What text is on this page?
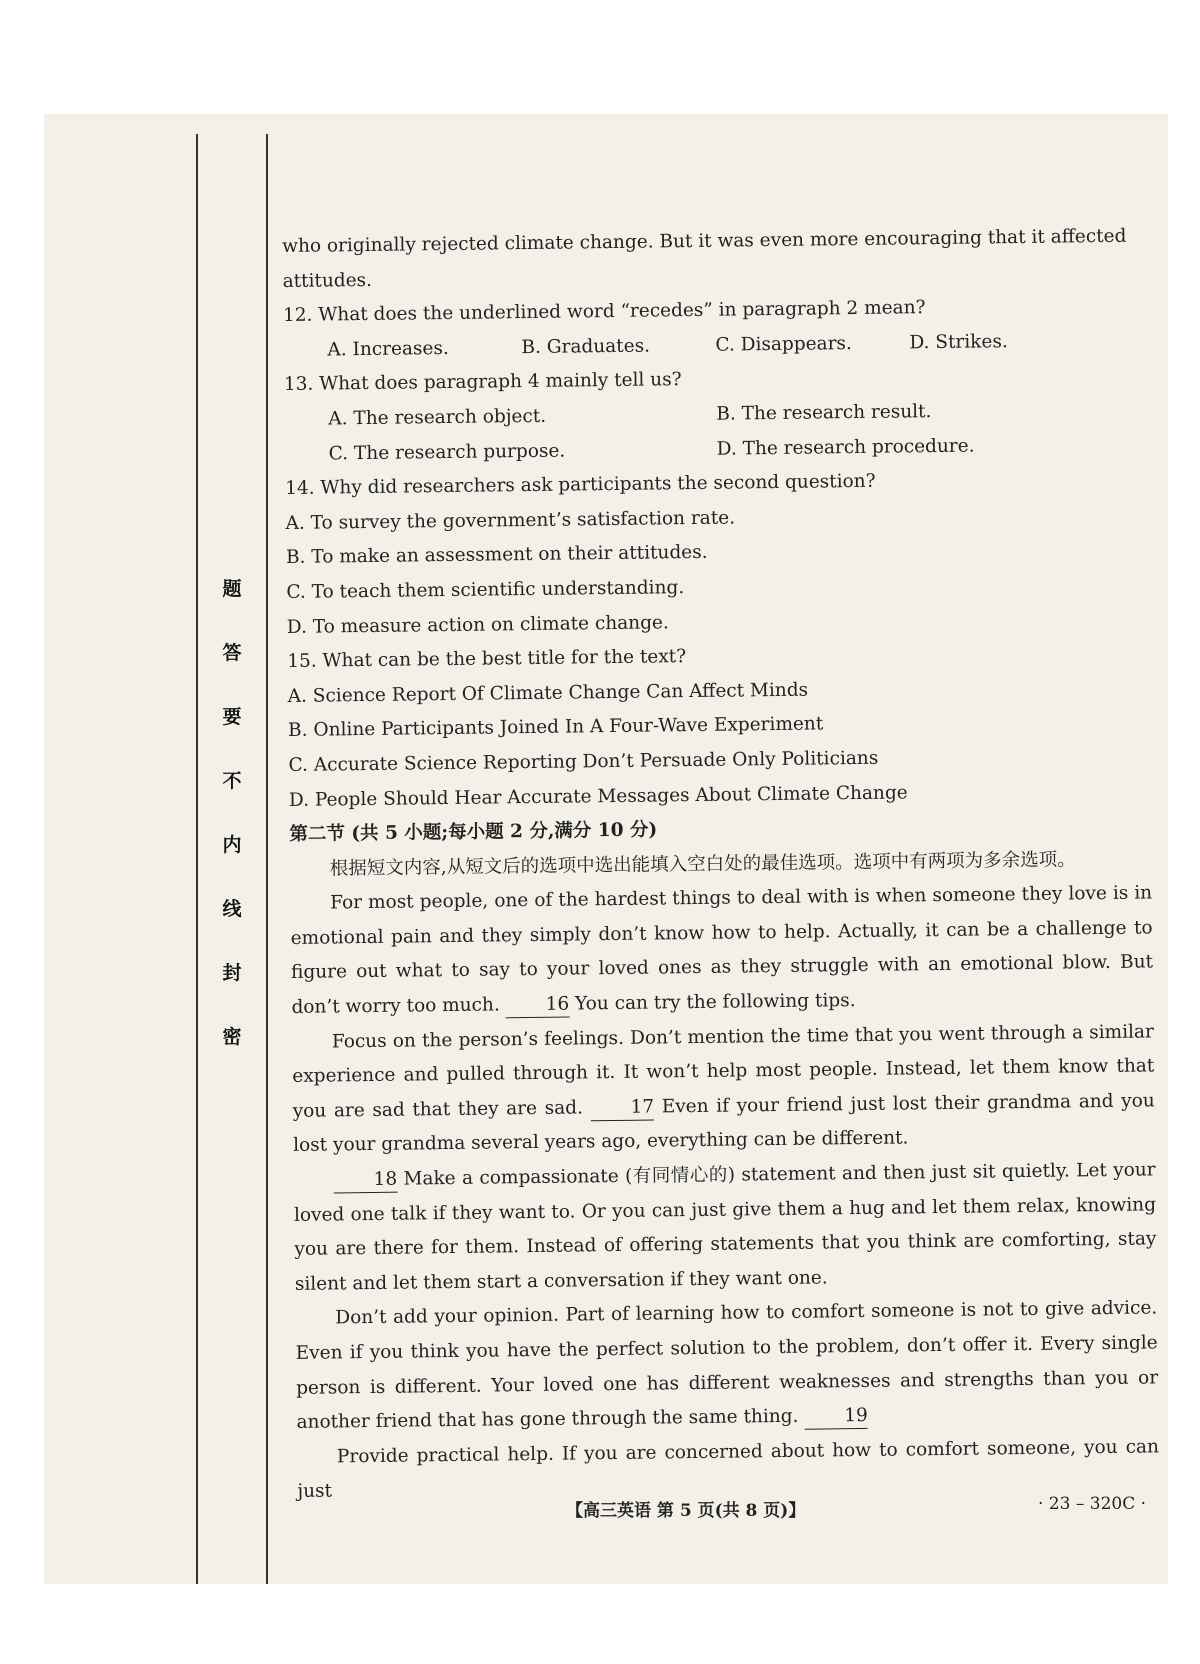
密
封
线
内
不
要
答
题

who originally rejected climate change. But it was even more encouraging that it affected attitudes.

12. What does the underlined word “recedes” in paragraph 2 mean?

A. Increases.	B. Graduates.	C. Disappears.	D. Strikes.

13. What does paragraph 4 mainly tell us?

A. The research object.	B. The research result.
C. The research purpose.	D. The research procedure.

14. Why did researchers ask participants the second question?

A. To survey the government’s satisfaction rate.

B. To make an assessment on their attitudes.

C. To teach them scientific understanding.

D. To measure action on climate change.

15. What can be the best title for the text?

A. Science Report Of Climate Change Can Affect Minds

B. Online Participants Joined In A Four-Wave Experiment

C. Accurate Science Reporting Don’t Persuade Only Politicians

D. People Should Hear Accurate Messages About Climate Change

第二节 (共 5 小题;每小题 2 分,满分 10 分)

根据短文内容,从短文后的选项中选出能填入空白处的最佳选项。选项中有两项为多余选项。

For most people, one of the hardest things to deal with is when someone they love is in emotional pain and they simply don’t know how to help. Actually, it can be a challenge to figure out what to say to your loved ones as they struggle with an emotional blow. But don’t worry too much. 16 You can try the following tips.

Focus on the person’s feelings. Don’t mention the time that you went through a similar experience and pulled through it. It won’t help most people. Instead, let them know that you are sad that they are sad.	17 Even if your friend just lost their grandma and you lost your grandma several years ago, everything can be different.

18 Make a compassionate (有同情心的) statement and then just sit quietly. Let your loved one talk if they want to. Or you can just give them a hug and let them relax, knowing you are there for them. Instead of offering statements that you think are comforting, stay silent and let them start a conversation if they want one.

Don’t add your opinion. Part of learning how to comfort someone is not to give advice. Even if you think you have the perfect solution to the problem, don’t offer it. Every single person is different. Your loved one has different weaknesses and strengths than you or another friend that has gone through the same thing. 19

Provide practical help. If you are concerned about how to comfort someone, you can just

【高三英语 第 5 页(共 8 页)】	· 23 – 320C ·
